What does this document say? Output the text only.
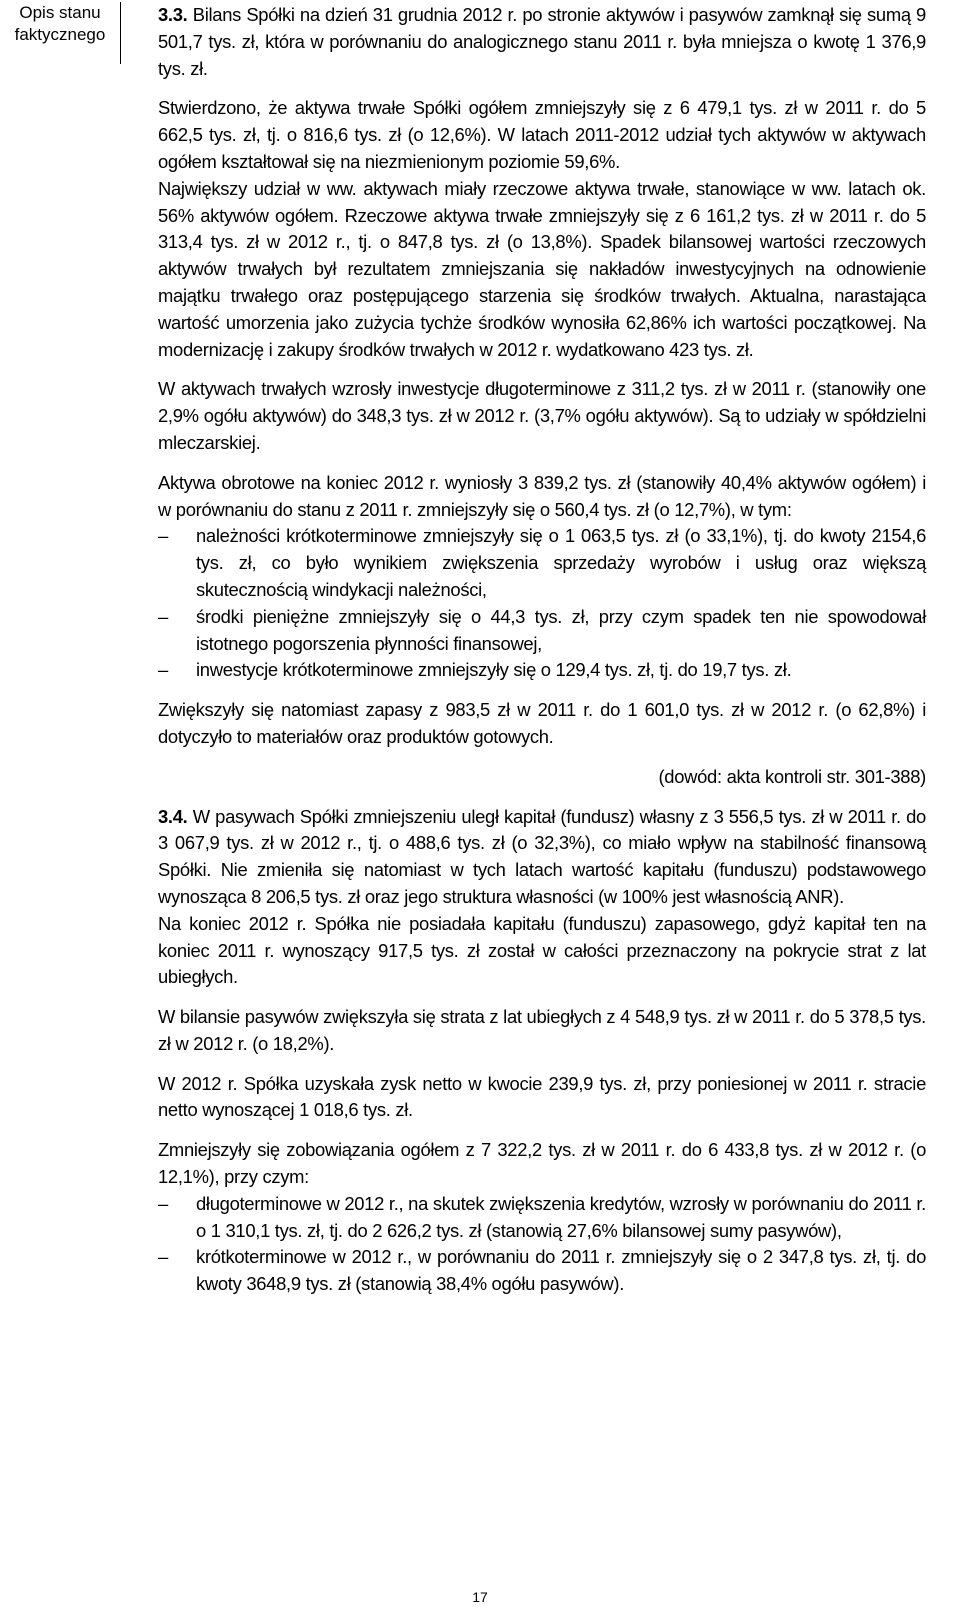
Opis stanu
faktycznego

3.3. Bilans Spółki na dzień 31 grudnia 2012 r. po stronie aktywów i pasywów zamknął się sumą 9 501,7 tys. zł, która w porównaniu do analogicznego stanu 2011 r. była mniejsza o kwotę 1 376,9 tys. zł.

Stwierdzono, że aktywa trwałe Spółki ogółem zmniejszyły się z 6 479,1 tys. zł w 2011 r. do 5 662,5 tys. zł, tj. o 816,6 tys. zł (o 12,6%). W latach 2011-2012 udział tych aktywów w aktywach ogółem kształtował się na niezmienionym poziomie 59,6%.

Największy udział w ww. aktywach miały rzeczowe aktywa trwałe, stanowiące w ww. latach ok. 56% aktywów ogółem. Rzeczowe aktywa trwałe zmniejszyły się z 6 161,2 tys. zł w 2011 r. do 5 313,4 tys. zł w 2012 r., tj. o 847,8 tys. zł (o 13,8%). Spadek bilansowej wartości rzeczowych aktywów trwałych był rezultatem zmniejszania się nakładów inwestycyjnych na odnowienie majątku trwałego oraz postępującego starzenia się środków trwałych. Aktualna, narastająca wartość umorzenia jako zużycia tychże środków wynosiła 62,86% ich wartości początkowej. Na modernizację i zakupy środków trwałych w 2012 r. wydatkowano 423 tys. zł.

W aktywach trwałych wzrosły inwestycje długoterminowe z 311,2 tys. zł w 2011 r. (stanowiły one 2,9% ogółu aktywów) do 348,3 tys. zł w 2012 r. (3,7% ogółu aktywów). Są to udziały w spółdzielni mleczarskiej.

Aktywa obrotowe na koniec 2012 r. wyniosły 3 839,2 tys. zł (stanowiły 40,4% aktywów ogółem) i w porównaniu do stanu z 2011 r. zmniejszyły się o 560,4 tys. zł (o 12,7%), w tym:

– należności krótkoterminowe zmniejszyły się o 1 063,5 tys. zł (o 33,1%), tj. do kwoty 2154,6 tys. zł, co było wynikiem zwiększenia sprzedaży wyrobów i usług oraz większą skutecznością windykacji należności,
– środki pieniężne zmniejszyły się o 44,3 tys. zł, przy czym spadek ten nie spowodował istotnego pogorszenia płynności finansowej,
– inwestycje krótkoterminowe zmniejszyły się o 129,4 tys. zł, tj. do 19,7 tys. zł.

Zwiększyły się natomiast zapasy z 983,5 zł w 2011 r. do 1 601,0 tys. zł w 2012 r. (o 62,8%) i dotyczyło to materiałów oraz produktów gotowych.

(dowód: akta kontroli str. 301-388)

3.4. W pasywach Spółki zmniejszeniu uległ kapitał (fundusz) własny z 3 556,5 tys. zł w 2011 r. do 3 067,9 tys. zł w 2012 r., tj. o 488,6 tys. zł (o 32,3%), co miało wpływ na stabilność finansową Spółki. Nie zmieniła się natomiast w tych latach wartość kapitału (funduszu) podstawowego wynosząca 8 206,5 tys. zł oraz jego struktura własności (w 100% jest własnością ANR).

Na koniec 2012 r. Spółka nie posiadała kapitału (funduszu) zapasowego, gdyż kapitał ten na koniec 2011 r. wynoszący 917,5 tys. zł został w całości przeznaczony na pokrycie strat z lat ubiegłych.

W bilansie pasywów zwiększyła się strata z lat ubiegłych z 4 548,9 tys. zł w 2011 r. do 5 378,5 tys. zł w 2012 r. (o 18,2%).

W 2012 r. Spółka uzyskała zysk netto w kwocie 239,9 tys. zł, przy poniesionej w 2011 r. stracie netto wynoszącej 1 018,6 tys. zł.

Zmniejszyły się zobowiązania ogółem z 7 322,2 tys. zł w 2011 r. do 6 433,8 tys. zł w 2012 r. (o 12,1%), przy czym:

– długoterminowe w 2012 r., na skutek zwiększenia kredytów, wzrosły w porównaniu do 2011 r. o 1 310,1 tys. zł, tj. do 2 626,2 tys. zł (stanowią 27,6% bilansowej sumy pasywów),
– krótkoterminowe w 2012 r., w porównaniu do 2011 r. zmniejszyły się o 2 347,8 tys. zł, tj. do kwoty 3648,9 tys. zł (stanowią 38,4% ogółu pasywów).
17
